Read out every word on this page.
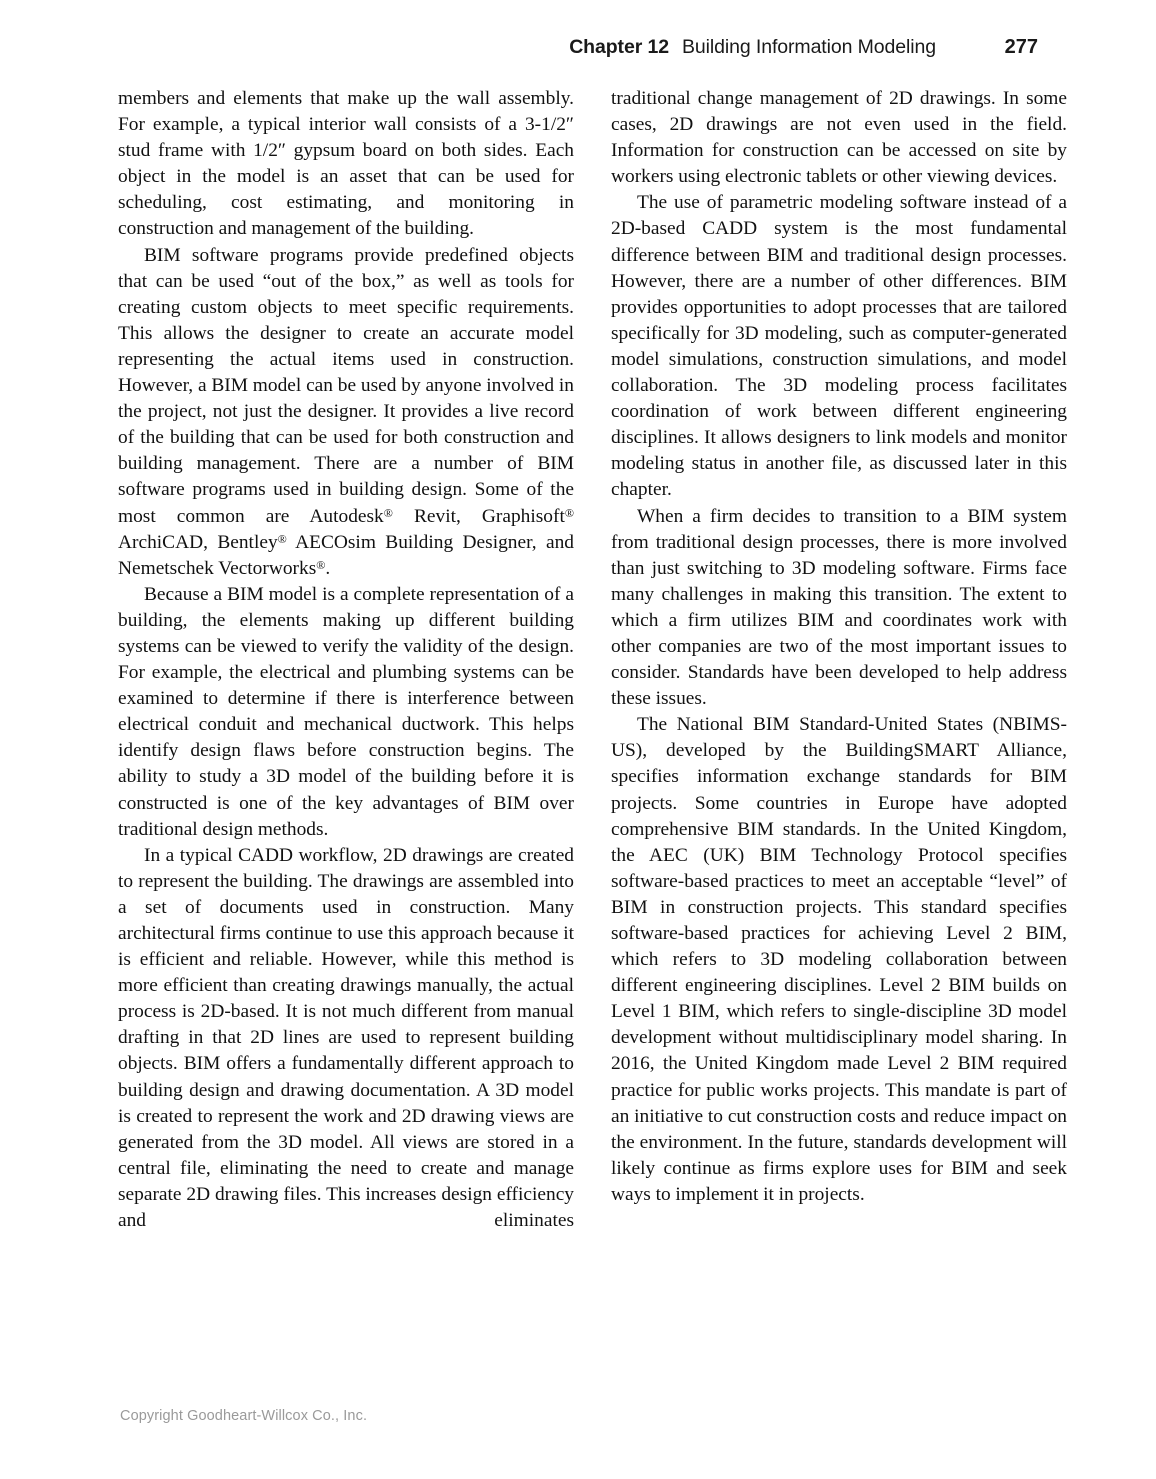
Chapter 12 Building Information Modeling	277

members and elements that make up the wall assembly. For example, a typical interior wall consists of a 3-1/2″ stud frame with 1/2″ gypsum board on both sides. Each object in the model is an asset that can be used for scheduling, cost estimating, and monitoring in construction and management of the building.

BIM software programs provide predefined objects that can be used “out of the box,” as well as tools for creating custom objects to meet specific requirements. This allows the designer to create an accurate model representing the actual items used in construction. However, a BIM model can be used by anyone involved in the project, not just the designer. It provides a live record of the building that can be used for both construction and building management. There are a number of BIM software programs used in building design. Some of the most common are Autodesk® Revit, Graphisoft® ArchiCAD, Bentley® AECOsim Building Designer, and Nemetschek Vectorworks®.

Because a BIM model is a complete representation of a building, the elements making up different building systems can be viewed to verify the validity of the design. For example, the electrical and plumbing systems can be examined to determine if there is interference between electrical conduit and mechanical ductwork. This helps identify design flaws before construction begins. The ability to study a 3D model of the building before it is constructed is one of the key advantages of BIM over traditional design methods.

In a typical CADD workflow, 2D drawings are created to represent the building. The drawings are assembled into a set of documents used in construction. Many architectural firms continue to use this approach because it is efficient and reliable. However, while this method is more efficient than creating drawings manually, the actual process is 2D-based. It is not much different from manual drafting in that 2D lines are used to represent building objects. BIM offers a fundamentally different approach to building design and drawing documentation. A 3D model is created to represent the work and 2D drawing views are generated from the 3D model. All views are stored in a central file, eliminating the need to create and manage separate 2D drawing files. This increases design efficiency and eliminates

traditional change management of 2D drawings. In some cases, 2D drawings are not even used in the field. Information for construction can be accessed on site by workers using electronic tablets or other viewing devices.

The use of parametric modeling software instead of a 2D-based CADD system is the most fundamental difference between BIM and traditional design processes. However, there are a number of other differences. BIM provides opportunities to adopt processes that are tailored specifically for 3D modeling, such as computer-generated model simulations, construction simulations, and model collaboration. The 3D modeling process facilitates coordination of work between different engineering disciplines. It allows designers to link models and monitor modeling status in another file, as discussed later in this chapter.

When a firm decides to transition to a BIM system from traditional design processes, there is more involved than just switching to 3D modeling software. Firms face many challenges in making this transition. The extent to which a firm utilizes BIM and coordinates work with other companies are two of the most important issues to consider. Standards have been developed to help address these issues.

The National BIM Standard-United States (NBIMS-US), developed by the BuildingSMART Alliance, specifies information exchange standards for BIM projects. Some countries in Europe have adopted comprehensive BIM standards. In the United Kingdom, the AEC (UK) BIM Technology Protocol specifies software-based practices to meet an acceptable “level” of BIM in construction projects. This standard specifies software-based practices for achieving Level 2 BIM, which refers to 3D modeling collaboration between different engineering disciplines. Level 2 BIM builds on Level 1 BIM, which refers to single-discipline 3D model development without multidisciplinary model sharing. In 2016, the United Kingdom made Level 2 BIM required practice for public works projects. This mandate is part of an initiative to cut construction costs and reduce impact on the environment. In the future, standards development will likely continue as firms explore uses for BIM and seek ways to implement it in projects.

Copyright Goodheart-Willcox Co., Inc.
